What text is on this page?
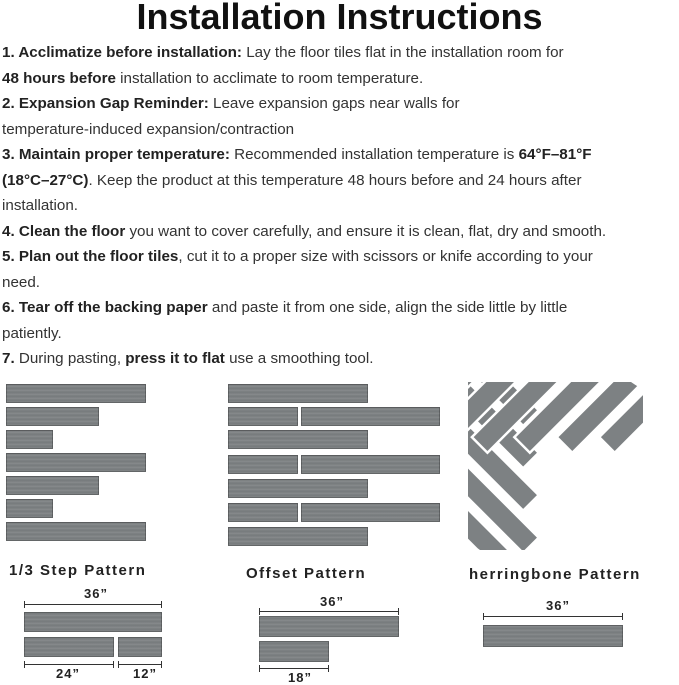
Installation Instructions
1. Acclimatize before installation: Lay the floor tiles flat in the installation room for
48 hours before installation to acclimate to room temperature.
2. Expansion Gap Reminder: Leave expansion gaps near walls for
temperature-induced expansion/contraction
3. Maintain proper temperature: Recommended installation temperature is 64°F–81°F
(18°C–27°C). Keep the product at this temperature 48 hours before and 24 hours after
installation.
4. Clean the floor you want to cover carefully, and ensure it is clean, flat, dry and smooth.
5. Plan out the floor tiles, cut it to a proper size with scissors or knife according to your
need.
6. Tear off the backing paper and paste it from one side, align the side little by little
patiently.
7. During pasting, press it to flat use a smoothing tool.
1/3 Step Pattern	Offset Pattern	herringbone Pattern
36”
24”	12”
36”
18”
36”
